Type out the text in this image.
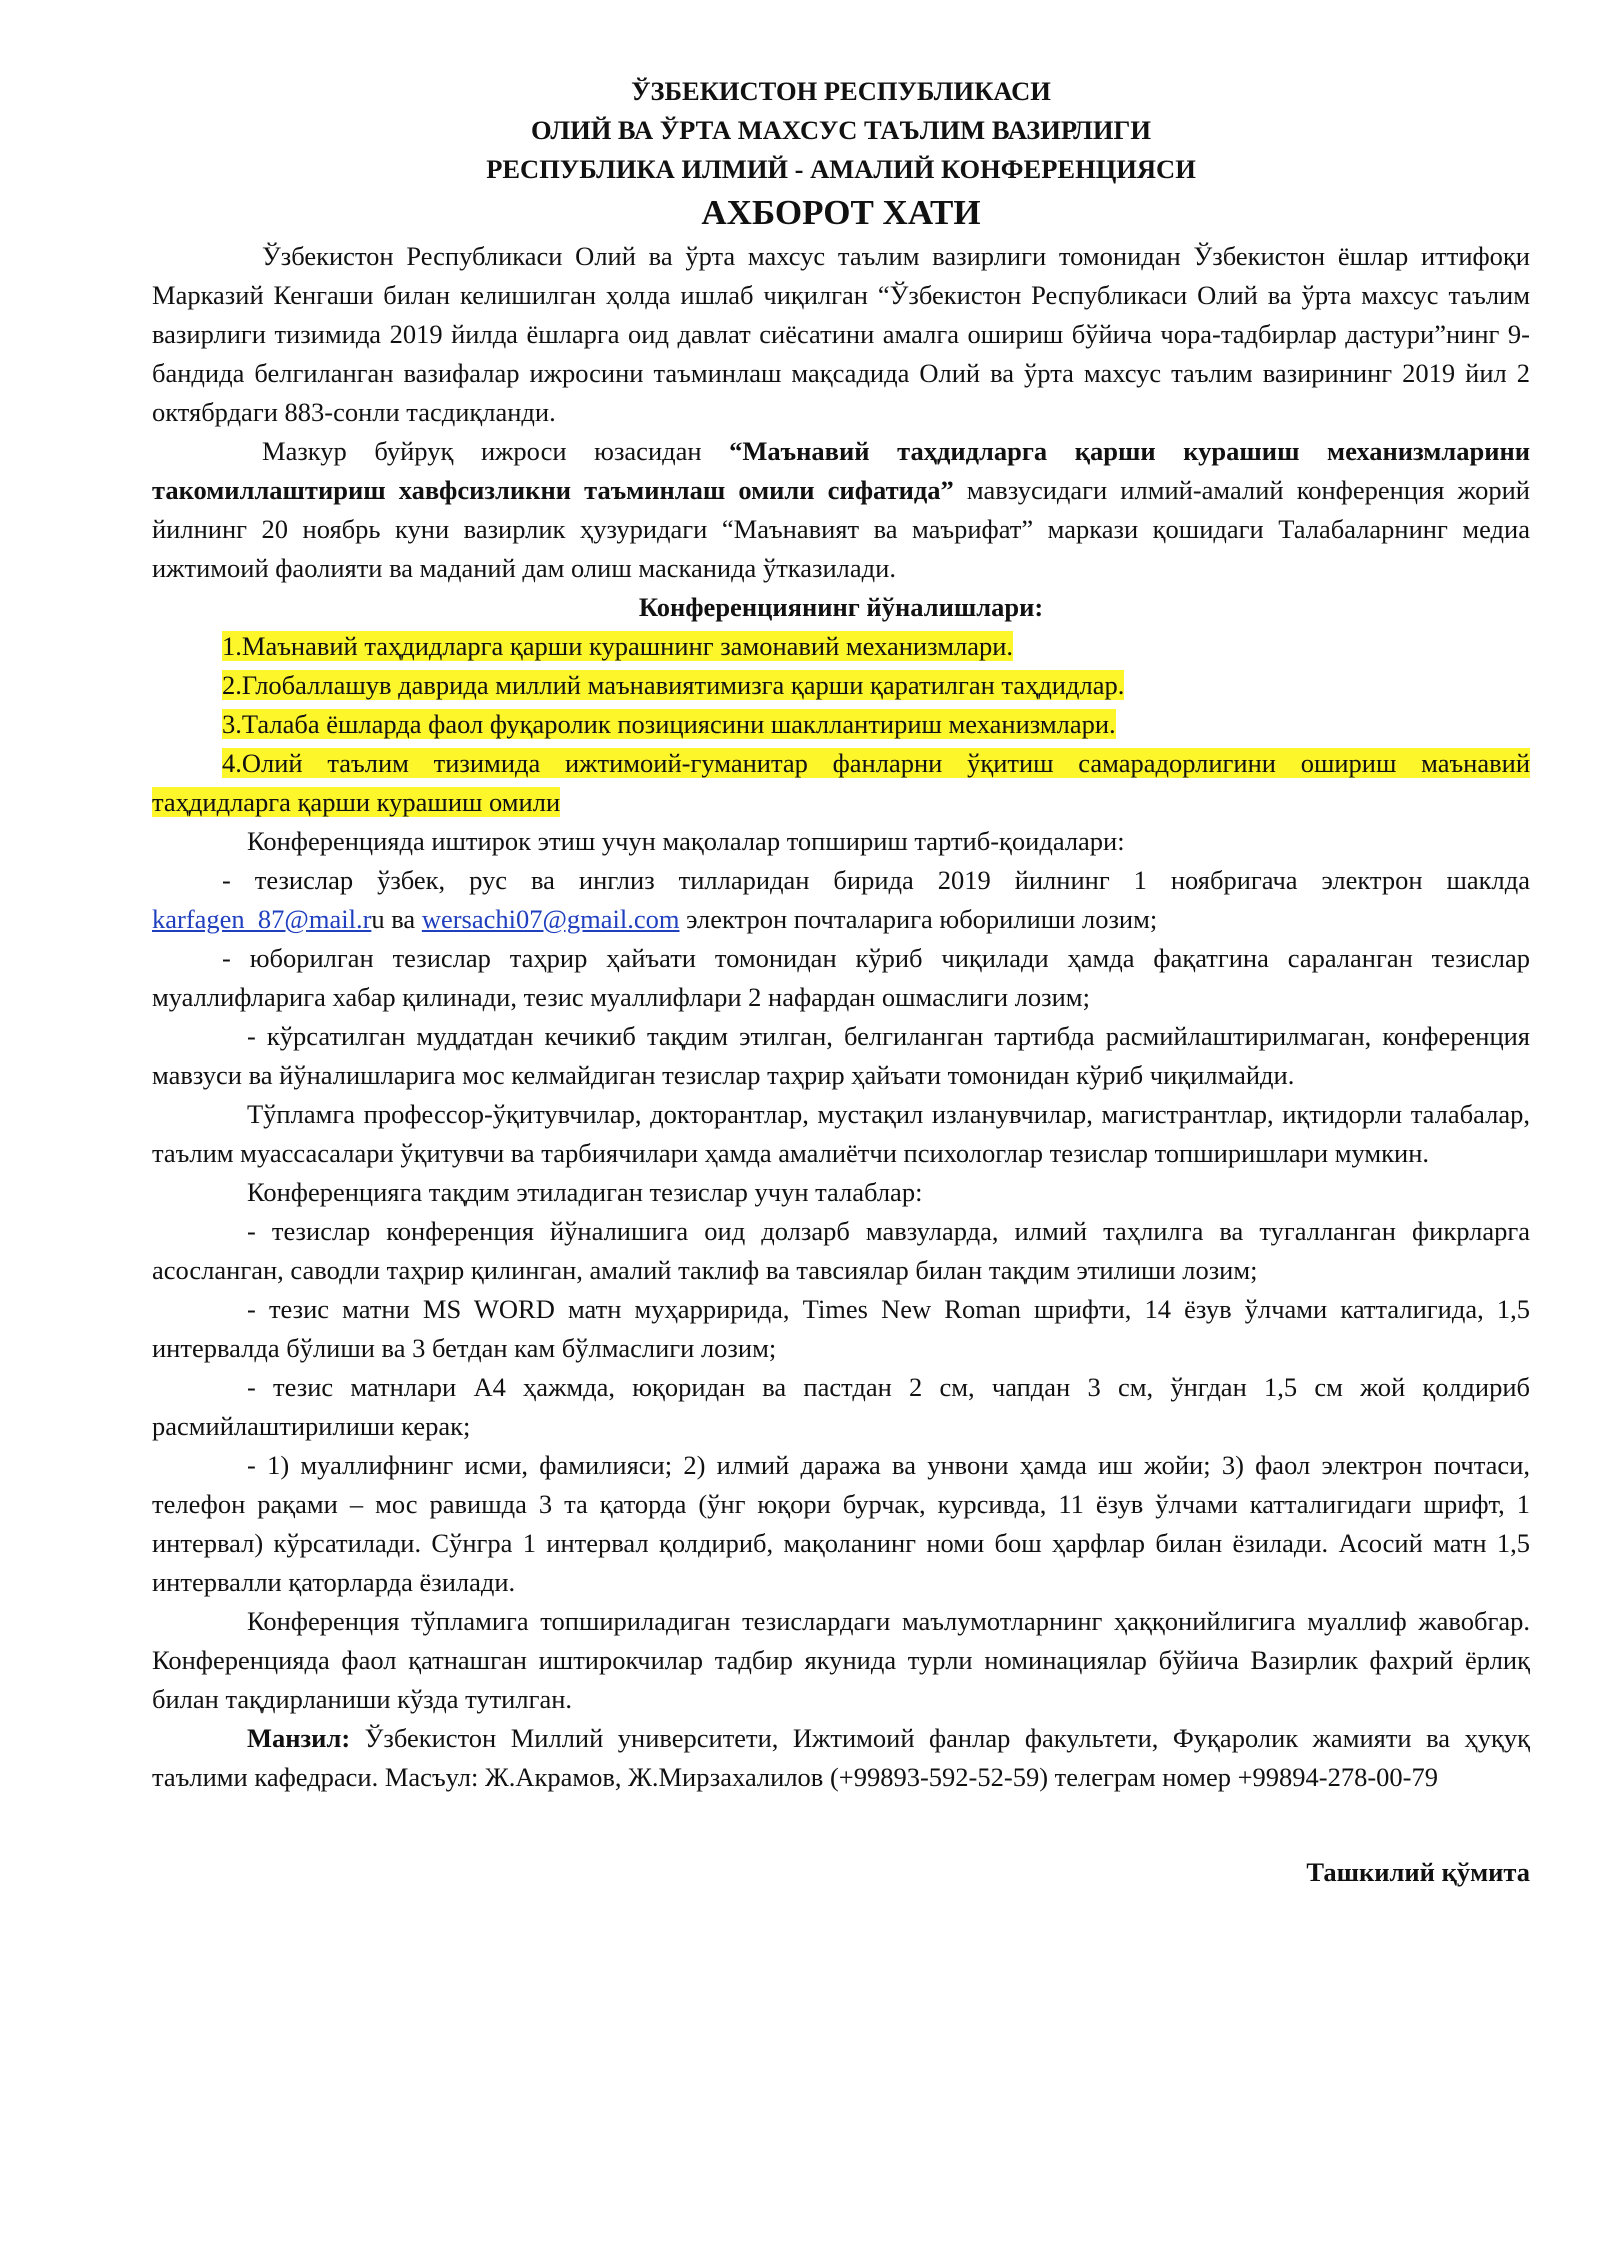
ЎЗБЕКИСТОН РЕСПУБЛИКАСИ
ОЛИЙ ВА ЎРТА МАХСУС ТАЪЛИМ ВАЗИРЛИГИ
РЕСПУБЛИКА ИЛМИЙ - АМАЛИЙ КОНФЕРЕНЦИЯСИ
АХБОРОТ ХАТИ

Ўзбекистон Республикаси Олий ва ўрта махсус таълим вазирлиги томонидан Ўзбекистон ёшлар иттифоқи Марказий Кенгаши билан келишилган ҳолда ишлаб чиқилган “Ўзбекистон Республикаси Олий ва ўрта махсус таълим вазирлиги тизимида 2019 йилда ёшларга оид давлат сиёсатини амалга ошириш бўйича чора-тадбирлар дастури”нинг 9-бандида белгиланган вазифалар ижросини таъминлаш мақсадида Олий ва ўрта махсус таълим вазирининг 2019 йил 2 октябрдаги 883-сонли тасдиқланди.

Мазкур буйруқ ижроси юзасидан “Маънавий таҳдидларга қарши курашиш механизмларини такомиллаштириш хавфсизликни таъминлаш омили сифатида” мавзусидаги илмий-амалий конференция жорий йилнинг 20 ноябрь куни вазирлик ҳузуридаги “Маънавият ва маърифат” маркази қошидаги Талабаларнинг медиа ижтимоий фаолияти ва маданий дам олиш масканида ўтказилади.

Конференциянинг йўналишлари:

1.Маънавий таҳдидларга қарши курашнинг замонавий механизмлари.

2.Глобаллашув даврида миллий маънавиятимизга қарши қаратилган таҳдидлар.

3.Талаба ёшларда фаол фуқаролик позициясини шакллантириш механизмлари.

4.Олий таълим тизимида ижтимоий-гуманитар фанларни ўқитиш самарадорлигини ошириш маънавий таҳдидларга қарши курашиш омили

Конференцияда иштирок этиш учун мақолалар топшириш тартиб-қоидалари:

- тезислар ўзбек, рус ва инглиз тилларидан бирида 2019 йилнинг 1 ноябригача электрон шаклда karfagen_87@mail.ru ва wersachi07@gmail.com электрон почталарига юборилиши лозим;

- юборилган тезислар таҳрир ҳайъати томонидан кўриб чиқилади ҳамда фақатгина сараланган тезислар муаллифларига хабар қилинади, тезис муаллифлари 2 нафардан ошмаслиги лозим;

- кўрсатилган муддатдан кечикиб тақдим этилган, белгиланган тартибда расмийлаштирилмаган, конференция мавзуси ва йўналишларига мос келмайдиган тезислар таҳрир ҳайъати томонидан кўриб чиқилмайди.

Тўпламга профессор-ўқитувчилар, докторантлар, мустақил изланувчилар, магистрантлар, иқтидорли талабалар, таълим муассасалари ўқитувчи ва тарбиячилари ҳамда амалиётчи психологлар тезислар топширишлари мумкин.

Конференцияга тақдим этиладиган тезислар учун талаблар:

- тезислар конференция йўналишига оид долзарб мавзуларда, илмий таҳлилга ва тугалланган фикрларга асосланган, саводли таҳрир қилинган, амалий таклиф ва тавсиялар билан тақдим этилиши лозим;

- тезис матни MS WORD матн муҳарририда, Times New Roman шрифти, 14 ёзув ўлчами катталигида, 1,5 интервалда бўлиши ва 3 бетдан кам бўлмаслиги лозим;

- тезис матнлари А4 ҳажмда, юқоридан ва пастдан 2 см, чапдан 3 см, ўнгдан 1,5 см жой қолдириб расмийлаштирилиши керак;

- 1) муаллифнинг исми, фамилияси; 2) илмий даража ва унвони ҳамда иш жойи; 3) фаол электрон почтаси, телефон рақами – мос равишда 3 та қаторда (ўнг юқори бурчак, курсивда, 11 ёзув ўлчами катталигидаги шрифт, 1 интервал) кўрсатилади. Сўнгра 1 интервал қолдириб, мақоланинг номи бош ҳарфлар билан ёзилади. Асосий матн 1,5 интервалли қаторларда ёзилади.

Конференция тўпламига топшириладиган тезислардаги маълумотларнинг ҳаққонийлигига муаллиф жавобгар. Конференцияда фаол қатнашган иштирокчилар тадбир якунида турли номинациялар бўйича Вазирлик фахрий ёрлиқ билан тақдирланиши кўзда тутилган.

Манзил: Ўзбекистон Миллий университети, Ижтимоий фанлар факультети, Фуқаролик жамияти ва ҳуқуқ таълими кафедраси. Масъул: Ж.Акрамов, Ж.Мирзахалилов (+99893-592-52-59) телеграм номер +99894-278-00-79

Ташкилий қўмита
